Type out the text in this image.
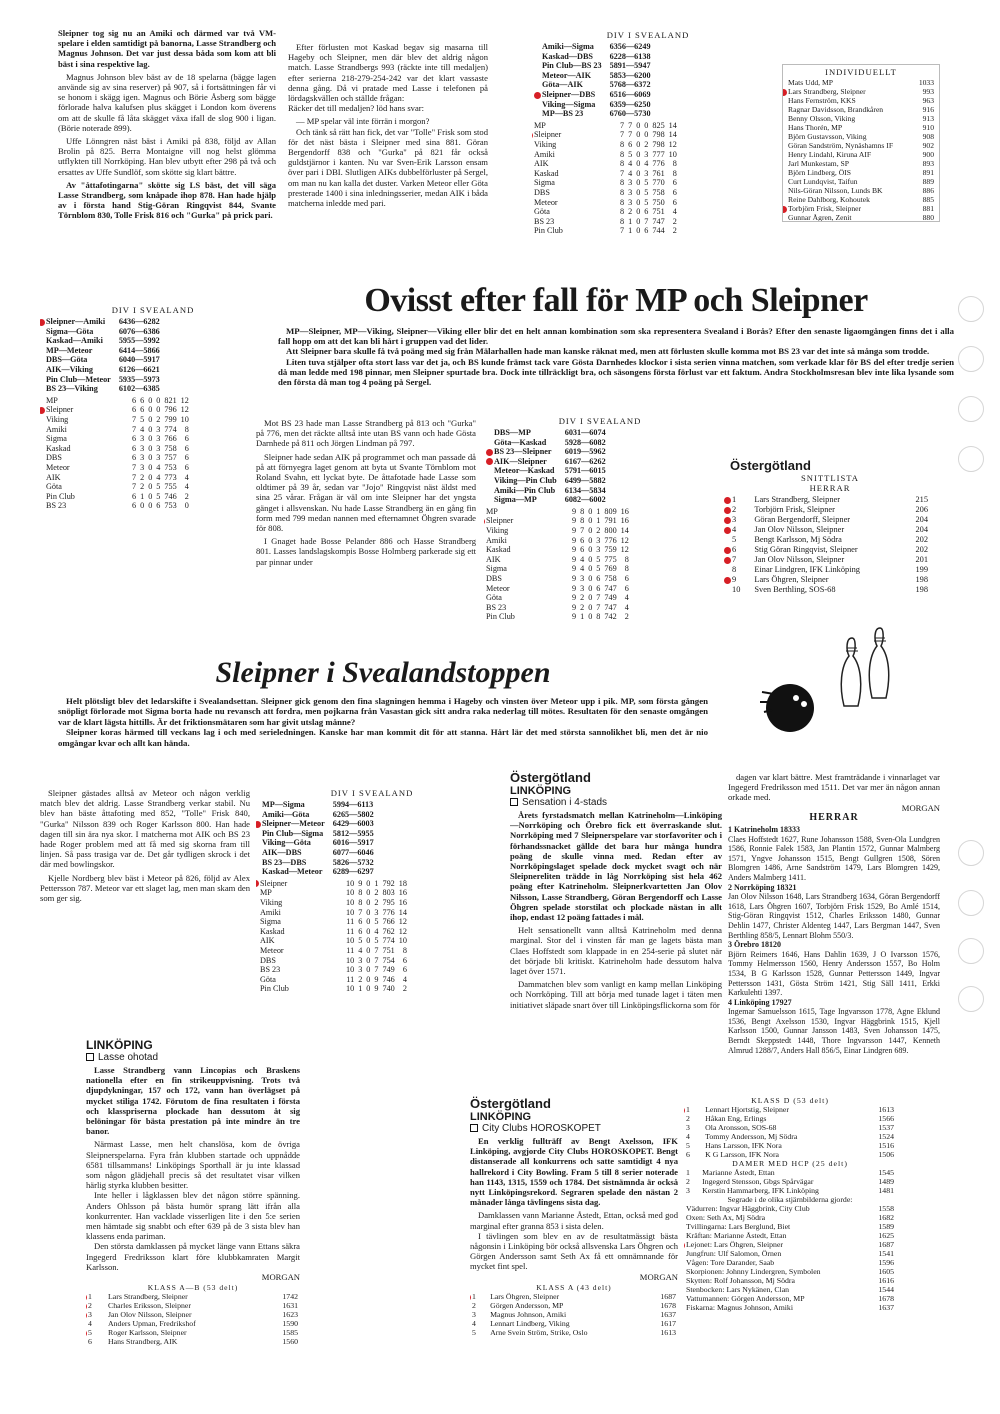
Sleipner tog sig nu an Amiki och därmed var två VM-spelare i elden samtidigt på banorna, Lasse Strandberg och Magnus Johnson. Det var just dessa båda som kom att bli bäst i sina respektive lag.

Magnus Johnson blev bäst av de 18 spelarna (bägge lagen använde sig av sina reserver) på 907, så i fortsättningen får vi se honom i skägg igen. Magnus och Börie Åsberg som bägge förlorade halva kalufsen plus skägget i London kom överens om att de skulle få låta skägget växa ifall de slog 900 i ligan. (Börie noterade 899).

Uffe Lönngren näst bäst i Amiki på 838, följd av Allan Brolin på 825. Berra Montaigne vill nog helst glömma utflykten till Norrköping. Han blev utbytt efter 298 på två och ersattes av Uffe Sundlöf, som skötte sig klart bättre.

Av "åttafotingarna" skötte sig LS bäst, det vill säga Lasse Strandberg, som knåpade ihop 878. Han hade hjälp av i första hand Stig-Göran Ringqvist 844, Svante Törnblom 830, Tolle Frisk 816 och "Gurka" på prick pari.

Efter förlusten mot Kaskad begav sig masarna till Hageby och Sleipner, men där blev det aldrig någon match. Lasse Strandbergs 993 (räckte inte till medaljen) efter serierna 218-279-254-242 var det klart vassaste denna gång. Då vi pratade med Lasse i telefonen på lördagskvällen och ställde frågan:

Räcker det till medaljen? löd hans svar:

— MP spelar väl inte förrän i morgon?

Och tänk så rätt han fick, det var "Tolle" Frisk som stod för det näst bästa i Sleipner med sina 881. Göran Bergendorff 838 och "Gurka" på 821 får också guldstjärnor i kanten. Nu var Sven-Erik Larsson ensam över pari i DBI. Slutligen AIKs dubbelförluster på Sergel, om man nu kan kalla det duster. Varken Meteor eller Göta presterade 1400 i sina inledningsserier, medan AIK i båda matcherna inledde med pari.

DIV I SVEALAND
Amiki—Sigma	6356—6249
Kaskad—DBS	6228—6138
Pin Club—BS 23	5891—5947
Meteor—AIK	5853—6200
Göta—AIK	5768—6372
Sleipner—DBS	6516—6069
Viking—Sigma	6359—6250
MP—BS 23	6760—5730
MP	7	7	0	0	825	14
Sleipner	7	7	0	0	798	14
Viking	8	6	0	2	798	12
Amiki	8	5	0	3	777	10
AIK	8	4	0	4	776	8
Kaskad	7	4	0	3	761	8
Sigma	8	3	0	5	770	6
DBS	8	3	0	5	758	6
Meteor	8	3	0	5	750	6
Göta	8	2	0	6	751	4
BS 23	8	1	0	7	747	2
Pin Club	7	1	0	6	744	2
INDIVIDUELLT
Mats Udd, MP	1033
Lars Strandberg, Sleipner	993
Hans Fernström, KKS	963
Ragnar Davidsson, Brandkåren	916
Benny Olsson, Viking	913
Hans Thorén, MP	910
Björn Gustavsson, Viking	908
Göran Sandström, Nynäshamns IF	902
Henry Lindahl, Kiruna AIF	900
Jarl Munkestam, SP	893
Björn Lindberg, ÖIS	891
Curt Lundqvist, Taifun	889
Nils-Göran Nilsson, Lunds BK	886
Reine Dahlborg, Kohoutek	885
Torbjörn Frisk, Sleipner	881
Gunnar Ågren, Zenit	880
DIV I SVEALAND
Sleipner—Amiki	6436—6282
Sigma—Göta	6076—6386
Kaskad—Amiki	5955—5992
MP—Meteor	6414—5866
DBS—Göta	6040—5917
AIK—Viking	6126—6621
Pin Club—Meteor	5935—5973
BS 23—Viking	6102—6385
MP	6	6	0	0	821	12
Sleipner	6	6	0	0	796	12
Viking	7	5	0	2	799	10
Amiki	7	4	0	3	774	8
Sigma	6	3	0	3	766	6
Kaskad	6	3	0	3	758	6
DBS	6	3	0	3	757	6
Meteor	7	3	0	4	753	6
AIK	7	2	0	4	773	4
Göta	7	2	0	5	755	4
Pin Club	6	1	0	5	746	2
BS 23	6	0	0	6	753	0
Ovisst efter fall för MP och Sleipner

MP—Sleipner, MP—Viking, Sleipner—Viking eller blir det en helt annan kombination som ska representera Svealand i Borås? Efter den senaste ligaomgången finns det i alla fall hopp om att det kan bli hårt i gruppen vad det lider.

Att Sleipner bara skulle få två poäng med sig från Mälarhallen hade man kanske räknat med, men att förlusten skulle komma mot BS 23 var det inte så många som trodde.

Liten tuva stjälper ofta stort lass var det ja, och BS kunde främst tack vare Gösta Darnhedes klockor i sista serien vinna matchen, som verkade klar för BS del efter tredje serien då man ledde med 198 pinnar, men Sleipner spurtade bra. Dock inte tillräckligt bra, och säsongens första förlust var ett faktum. Andra Stockholmsresan blev inte lika lysande som den första då man tog 4 poäng på Sergel.

Mot BS 23 hade man Lasse Strandberg på 813 och "Gurka" på 776, men det räckte alltså inte utan BS vann och hade Gösta Darnhede på 811 och Jörgen Lindman på 797.

Sleipner hade sedan AIK på programmet och man passade då på att förnyegra laget genom att byta ut Svante Törnblom mot Roland Svahn, ett lyckat byte. De åttafotade hade Lasse som oldtimer på 39 år, sedan var "Jojo" Ringqvist näst äldst med sina 25 vårar. Frågan är väl om inte Sleipner har det yngsta gänget i allsvenskan. Nu hade Lasse Strandberg än en gång fin form med 799 medan nannen med efternamnet Öhgren svarade för 808.

I Gnaget hade Bosse Pelander 886 och Hasse Strandberg 801. Lasses landslagskompis Bosse Holmberg parkerade sig ett par pinnar under

DIV I SVEALAND
DBS—MP	6031—6074
Göta—Kaskad	5928—6082
BS 23—Sleipner	6019—5962
AIK—Sleipner	6167—6262
Meteor—Kaskad	5791—6015
Viking—Pin Club	6499—5882
Amiki—Pin Club	6134—5834
Sigma—MP	6082—6002
MP	9	8	0	1	809	16
Sleipner	9	8	0	1	791	16
Viking	9	7	0	2	800	14
Amiki	9	6	0	3	776	12
Kaskad	9	6	0	3	759	12
AIK	9	4	0	5	775	8
Sigma	9	4	0	5	769	8
DBS	9	3	0	6	758	6
Meteor	9	3	0	6	747	6
Göta	9	2	0	7	749	4
BS 23	9	2	0	7	747	4
Pin Club	9	1	0	8	742	2
Östergötland
SNITTLISTA
HERRAR
1	Lars Strandberg, Sleipner	215
2	Torbjörn Frisk, Sleipner	206
3	Göran Bergendorff, Sleipner	204
4	Jan Olov Nilsson, Sleipner	204
5	Bengt Karlsson, Mj Södra	202
6	Stig Göran Ringqvist, Sleipner	202
7	Jan Olov Nilsson, Sleipner	201
8	Einar Lindgren, IFK Linköping	199
9	Lars Öhgren, Sleipner	198
10	Sven Berthling, SOS-68	198
Sleipner i Svealandstoppen

Helt plötsligt blev det ledarskifte i Svealandsettan. Sleipner gick genom den fina slagningen hemma i Hageby och vinsten över Meteor upp i pik. MP, som första gången snöpligt förlorade mot Sigma borta hade nu revansch att fordra, men pojkarna från Vasastan gick sitt andra raka nederlag till mötes. Resultaten för den senaste omgången var de klart lägsta hittills. Är det friktionsmätaren som har givit utslag månne?

Sleipner koras härmed till veckans lag i och med serieledningen. Kanske har man kommit dit för att stanna. Hårt lär det med största sannolikhet bli, men det är nio omgångar kvar och allt kan hända.

Sleipner gästades alltså av Meteor och någon verklig match blev det aldrig. Lasse Strandberg verkar stabil. Nu blev han bäste åttafoting med 852, "Tolle" Frisk 840, "Gurka" Nilsson 839 och Roger Karlsson 800. Han hade dagen till sin ära nya skor. I matcherna mot AIK och BS 23 hade Roger problem med att få med sig skorna fram till linjen. Så pass trasiga var de. Det går tydligen skrock i det där med bowlingskor.

Kjelle Nordberg blev bäst i Meteor på 826, följd av Alex Pettersson 787. Meteor var ett slaget lag, men man skam den som ger sig.

DIV I SVEALAND
MP—Sigma	5994—6113
Amiki—Göta	6265—5802
Sleipner—Meteor	6429—6003
Pin Club—Sigma	5812—5955
Viking—Göta	6016—5917
AIK—DBS	6077—6046
BS 23—DBS	5826—5732
Kaskad—Meteor	6289—6297
Sleipner	10	9	0	1	792	18
MP	10	8	0	2	803	16
Viking	10	8	0	2	795	16
Amiki	10	7	0	3	776	14
Sigma	11	6	0	5	766	12
Kaskad	11	6	0	4	762	12
AIK	10	5	0	5	774	10
Meteor	11	4	0	7	751	8
DBS	10	3	0	7	754	6
BS 23	10	3	0	7	749	6
Göta	11	2	0	9	746	4
Pin Club	10	1	0	9	740	2
Östergötland
LINKÖPING
Sensation i 4-stads

Årets fyrstadsmatch mellan Katrineholm—Linköping—Norrköping och Örebro fick ett överraskande slut. Norrköping med 7 Sleipnerspelare var storfavoriter och i förhandssnacket gällde det bara hur många hundra poäng de skulle vinna med. Redan efter av Norrköpingslaget spelade dock mycket svagt och när Sleipnereliten trädde in låg Norrköping sist hela 462 poäng efter Katrineholm. Sleipnerkvartetten Jan Olov Nilsson, Lasse Strandberg, Göran Bergendorff och Lasse Öhgren spelade storstilat och plockade nästan in allt ihop, endast 12 poäng fattades i mål.

Helt sensationellt vann alltså Katrineholm med denna marginal. Stor del i vinsten får man ge lagets bästa man Claes Hoffstedt som klappade in en 254-serie på slutet när det började bli kritiskt. Katrineholm hade dessutom halva laget över 1571.

Dammatchen blev som vanligt en kamp mellan Linköping och Norrköping. Till att börja med tunade laget i täten men initiativet släpade snart över till Linköpingsflickorna som för

dagen var klart bättre. Mest framträdande i vinnarlaget var Ingegerd Fredriksson med 1511. Det var mer än någon annan orkade med.

MORGAN
HERRAR
1 Katrineholm 18333
Claes Hoffstedt 1627, Rune Johansson 1588, Sven-Ola Lundgren 1586, Ronnie Falek 1583, Jan Plantin 1572, Gunnar Malmberg 1571, Yngve Johansson 1515, Bengt Gullgren 1508, Sören Blomgren 1486, Arne Sandström 1479, Lars Blomgren 1429, Anders Malmberg 1411.
2 Norrköping 18321
Jan Olov Nilsson 1648, Lars Strandberg 1634, Göran Bergendorff 1618, Lars Öhgren 1607, Torbjörn Frisk 1529, Bo Amlé 1514, Stig-Göran Ringqvist 1512, Charles Eriksson 1480, Gunnar Dehlin 1477, Christer Aldenteg 1447, Lars Bergman 1447, Sven Berthling 858/5, Lennart Blohm 550/3.
3 Örebro 18120
Björn Reimers 1646, Hans Dahlin 1639, J O Ivarsson 1576, Tommy Helmersson 1560, Henry Andersson 1557, Bo Holm 1534, B G Karlsson 1528, Gunnar Pettersson 1449, Ingvar Pettersson 1431, Gösta Ström 1421, Stig Säll 1411, Erkki Karkulehti 1397.
4 Linköping 17927
Ingemar Samuelsson 1615, Tage Ingvarsson 1778, Agne Eklund 1536, Bengt Axelsson 1530, Ingvar Häggbrink 1515, Kjell Karlsson 1500, Gunnar Jansson 1483, Sven Johansson 1475, Berndt Skeppstedt 1448, Thore Ingvarsson 1447, Kenneth Almrud 1288/7, Anders Hall 856/5, Einar Lindgren 689.
LINKÖPING
Lasse ohotad

Lasse Strandberg vann Lincopias och Braskens nationella efter en fin strikeuppvisning. Trots två djupdykningar, 157 och 172, vann han överlägset på mycket stiliga 1742. Förutom de fina resultaten i första och klasspriserna plockade han dessutom åt sig belöningar för bästa prestation på inte mindre än tre banor.

Närmast Lasse, men helt chanslösa, kom de övriga Sleipnerspelarna. Fyra från klubben startade och uppnådde 6581 tillsammans! Linköpings Sporthall är ju inte klassad som någon glädjehall precis så det resultatet visar vilken härlig styrka klubben besitter.

Inte heller i lågklassen blev det någon större spänning. Anders Ohlsson på bästa humör sprang lätt ifrån alla konkurrenter. Han vacklade visserligen lite i den 5:e serien men hämtade sig snabbt och efter 639 på de 3 sista blev han klassens enda pariman.

Den största damklassen på mycket länge vann Ettans säkra Ingegerd Fredriksson klart före klubbkamraten Margit Karlsson.

MORGAN
KLASS A—B (53 delt)
1	Lars Strandberg, Sleipner	1742
2	Charles Eriksson, Sleipner	1631
3	Jan Olov Nilsson, Sleipner	1623
4	Anders Upman, Fredrikshof	1590
5	Roger Karlsson, Sleipner	1585
6	Hans Strandberg, AIK	1560
Östergötland
LINKÖPING
City Clubs HOROSKOPET

En verklig fullträff av Bengt Axelsson, IFK Linköping, avgjorde City Clubs HOROSKOPET. Bengt distanserade all konkurrens och satte samtidigt 4 nya hallrekord i City Bowling. Fram 5 till 8 serier noterade han 1143, 1315, 1559 och 1784. Det sistnämnda är också nytt Linköpingsrekord. Segraren spelade den nästan 2 månader långa tävlingens sista dag.

Damklassen vann Marianne Åstedt, Ettan, också med god marginal efter granna 853 i sista delen.

I tävlingen som blev en av de resultatmässigt bästa någonsin i Linköping bör också allsvenska Lars Öhgren och Görgen Andersson samt Seth Ax få ett omnämnande för mycket fint spel.

MORGAN
KLASS A (43 delt)
1	Lars Öhgren, Sleipner	1687
2	Görgen Andersson, MP	1678
3	Magnus Johnson, Amiki	1637
4	Lennart Lindberg, Viking	1617
5	Arne Svein Ström, Strike, Oslo	1613
KLASS D (53 delt)
1	Lennart Hjortstig, Sleipner	1613
2	Håkan Eng, Erlings	1566
3	Ola Aronsson, SOS-68	1537
4	Tommy Andersson, Mj Södra	1524
5	Hans Larsson, IFK Nora	1516
6	K G Larsson, IFK Nora	1506
DAMER MED HCP (25 delt)
1	Marianne Åstedt, Ettan	1545
2	Ingegerd Stensson, Gbgs Spårvägar	1489
3	Kerstin Hammarberg, IFK Linköping	1481
Segrade i de olika stjärnbilderna gjorde:
Vädurren: Ingvar Häggbrink, City Club	1558
Oxen: Seth Ax, Mj Södra	1682
Tvillingarna: Lars Berglund, Biet	1589
Kräftan: Marianne Åstedt, Ettan	1625
Lejonet: Lars Öhgren, Sleipner	1687
Jungfrun: Ulf Salomon, Örnen	1541
Vågen: Tore Darander, Saab	1596
Skorpionen: Johnny Lindergren, Symbolen	1605
Skytten: Rolf Johansson, Mj Södra	1616
Stenbocken: Lars Nykänen, Clan	1544
Vattumannen: Görgen Andersson, MP	1678
Fiskarna: Magnus Johnson, Amiki	1637
